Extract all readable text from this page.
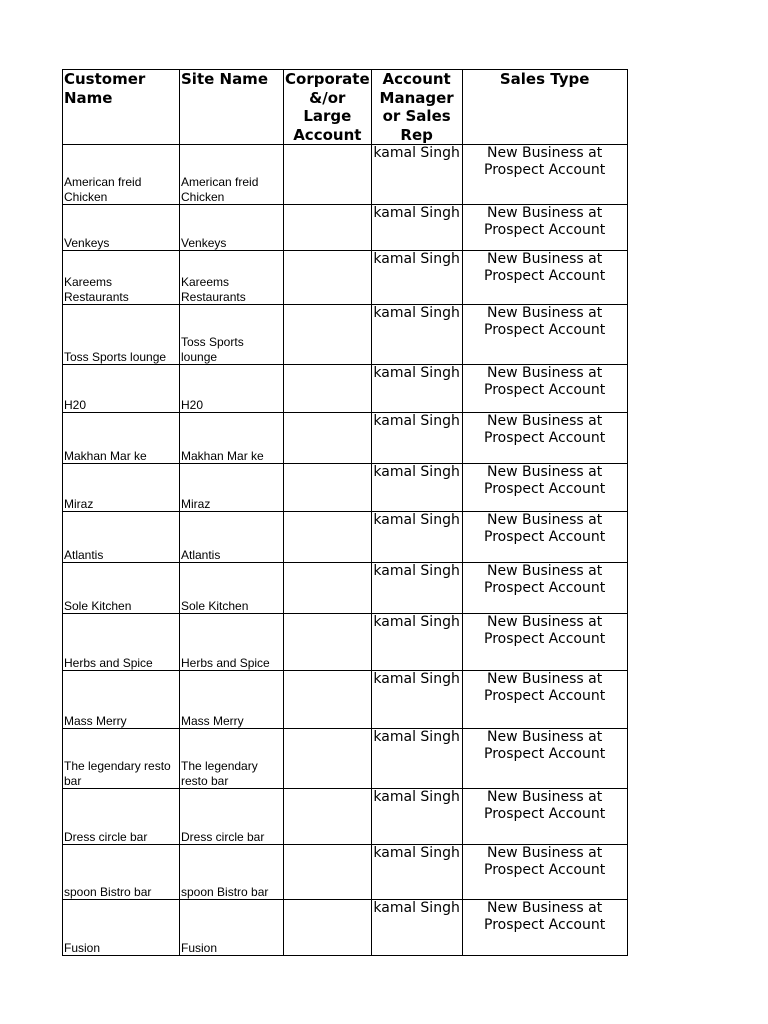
Customer Name	Site Name	Corporate &/or Large Account	Account Manager or Sales Rep	Sales Type
American freid Chicken	American freid Chicken		kamal Singh	New Business at Prospect Account
Venkeys	Venkeys		kamal Singh	New Business at Prospect Account
Kareems Restaurants	Kareems Restaurants		kamal Singh	New Business at Prospect Account
Toss Sports lounge	Toss Sports lounge		kamal Singh	New Business at Prospect Account
H20	H20		kamal Singh	New Business at Prospect Account
Makhan Mar ke	Makhan Mar ke		kamal Singh	New Business at Prospect Account
Miraz	Miraz		kamal Singh	New Business at Prospect Account
Atlantis	Atlantis		kamal Singh	New Business at Prospect Account
Sole Kitchen	Sole Kitchen		kamal Singh	New Business at Prospect Account
Herbs and Spice	Herbs and Spice		kamal Singh	New Business at Prospect Account
Mass Merry	Mass Merry		kamal Singh	New Business at Prospect Account
The legendary resto bar	The legendary resto bar		kamal Singh	New Business at Prospect Account
Dress circle bar	Dress circle bar		kamal Singh	New Business at Prospect Account
spoon Bistro bar	spoon Bistro bar		kamal Singh	New Business at Prospect Account
Fusion	Fusion		kamal Singh	New Business at Prospect Account
